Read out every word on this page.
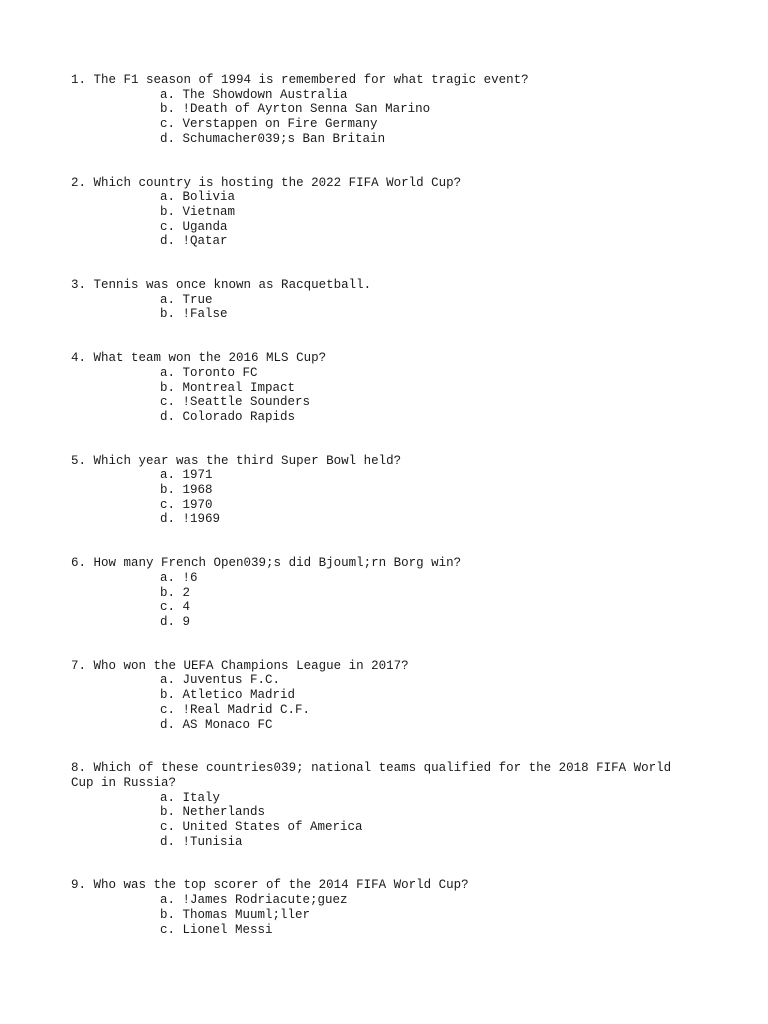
1. The F1 season of 1994 is remembered for what tragic event?
a. The Showdown Australia
b. !Death of Ayrton Senna San Marino
c. Verstappen on Fire Germany
d. Schumacher039;s Ban Britain
2. Which country is hosting the 2022 FIFA World Cup?
a. Bolivia
b. Vietnam
c. Uganda
d. !Qatar
3. Tennis was once known as Racquetball.
a. True
b. !False
4. What team won the 2016 MLS Cup?
a. Toronto FC
b. Montreal Impact
c. !Seattle Sounders
d. Colorado Rapids
5. Which year was the third Super Bowl held?
a. 1971
b. 1968
c. 1970
d. !1969
6. How many French Open039;s did Bjouml;rn Borg win?
a. !6
b. 2
c. 4
d. 9
7. Who won the UEFA Champions League in 2017?
a. Juventus F.C.
b. Atletico Madrid
c. !Real Madrid C.F.
d. AS Monaco FC
8. Which of these countries039; national teams qualified for the 2018 FIFA World Cup in Russia?
a. Italy
b. Netherlands
c. United States of America
d. !Tunisia
9. Who was the top scorer of the 2014 FIFA World Cup?
a. !James Rodriacute;guez
b. Thomas Muuml;ller
c. Lionel Messi
